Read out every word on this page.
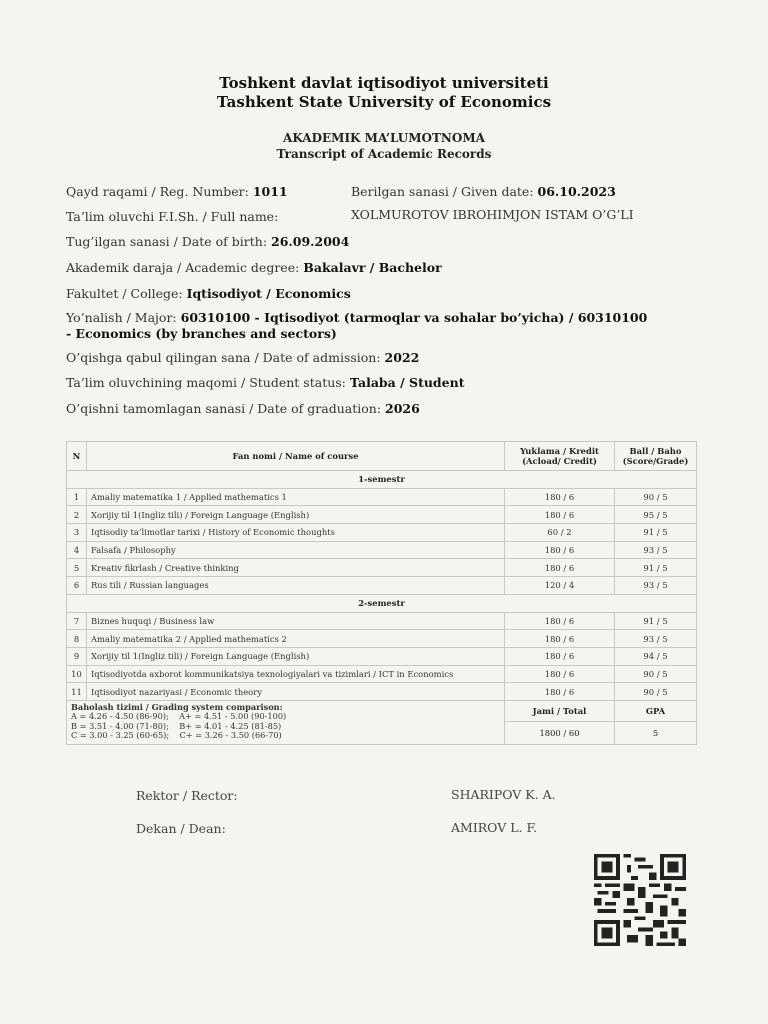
Toshkent davlat iqtisodiyot universiteti
Tashkent State University of Economics
AKADEMIK MA’LUMOTNOMA
Transcript of Academic Records
Qayd raqami / Reg. Number: 1011	Berilgan sanasi / Given date: 06.10.2023
Ta’lim oluvchi F.I.Sh. / Full name:	XOLMUROTOV IBROHIMJON ISTAM O’G’LI
Tug’ilgan sanasi / Date of birth: 26.09.2004
Akademik daraja / Academic degree: Bakalavr / Bachelor
Fakultet / College: Iqtisodiyot / Economics
Yo’nalish / Major: 60310100 - Iqtisodiyot (tarmoqlar va sohalar bo’yicha) / 60310100 - Economics (by branches and sectors)
O’qishga qabul qilingan sana / Date of admission: 2022
Ta’lim oluvchining maqomi / Student status: Talaba / Student
O’qishni tamomlagan sanasi / Date of graduation: 2026
N	Fan nomi / Name of course	Yuklama / Kredit (Acload/ Credit)	Ball / Baho (Score/Grade)
1-semestr			
1	Amaliy matematika 1 / Applied mathematics 1	180 / 6	90 / 5
2	Xorijiy til 1(Ingliz tili) / Foreign Language (English)	180 / 6	95 / 5
3	Iqtisodiy ta’limotlar tarixi / History of Economic thoughts	60 / 2	91 / 5
4	Falsafa / Philosophy	180 / 6	93 / 5
5	Kreativ fikrlash / Creative thinking	180 / 6	91 / 5
6	Rus tili / Russian languages	120 / 4	93 / 5
2-semestr			
7	Biznes huquqi / Business law	180 / 6	91 / 5
8	Amaliy matematika 2 / Applied mathematics 2	180 / 6	93 / 5
9	Xorijiy til 1(Ingliz tili) / Foreign Language (English)	180 / 6	94 / 5
10	Iqtisodiyotda axborot kommunikatsiya texnologiyalari va tizimlari / ICT in Economics	180 / 6	90 / 5
11	Iqtisodiyot nazariyasi / Economic theory	180 / 6	90 / 5

Baholash tizimi / Grading system comparison:
A = 4.26 - 4.50 (86-90);    A+ = 4.51 - 5.00 (90-100)
B = 3.51 - 4.00 (71-80);    B+ = 4.01 - 4.25 (81-85)
C = 3.00 - 3.25 (60-65);    C+ = 3.26 - 3.50 (66-70)		Jami / Total	GPA
		1800 / 60	5
Rektor / Rector:	SHARIPOV K. A.
Dekan / Dean:	AMIROV L. F.
